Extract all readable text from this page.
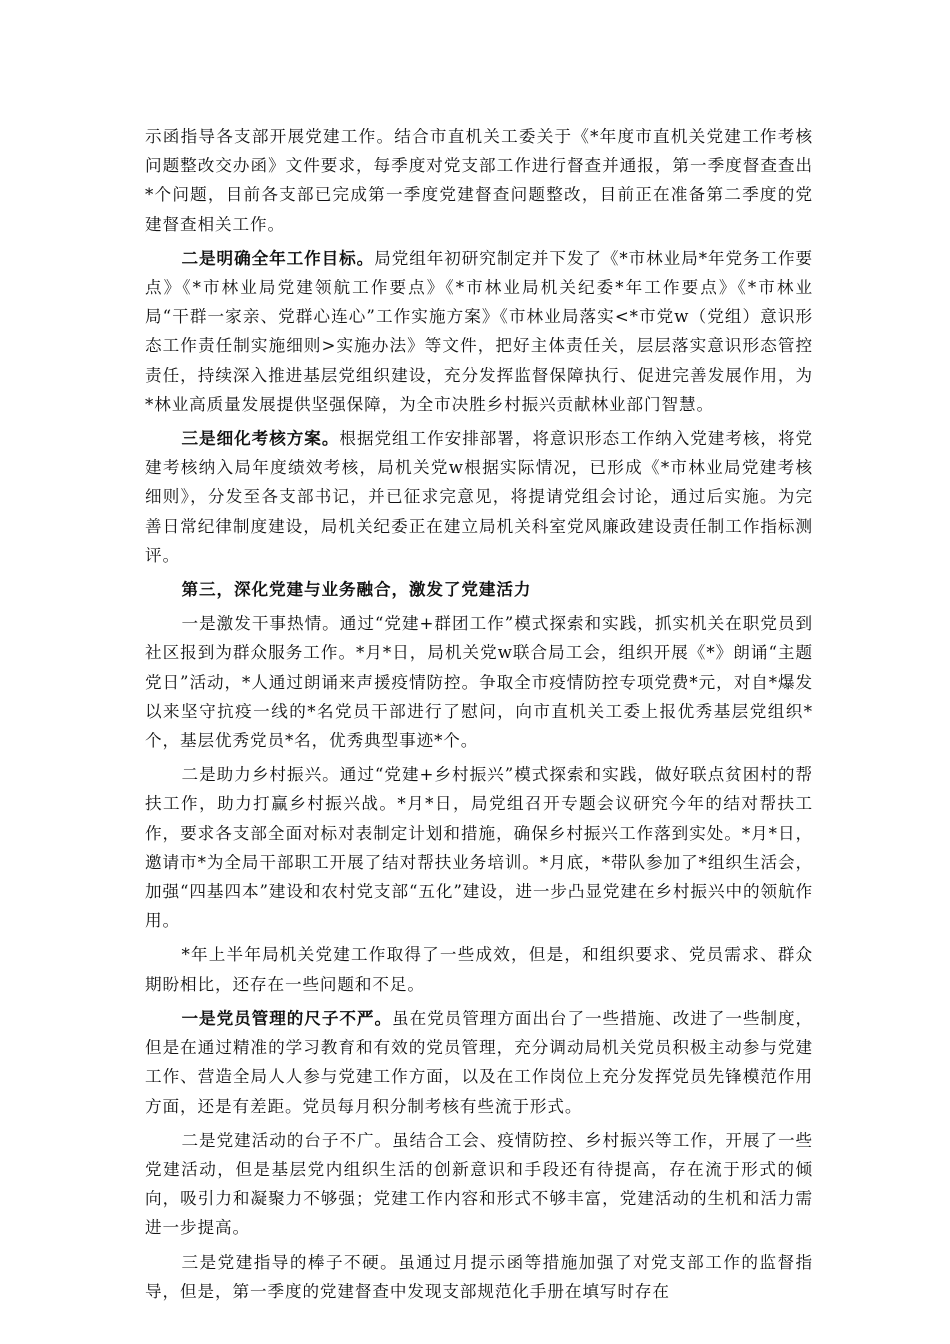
示函指导各支部开展党建工作。结合市直机关工委关于《*年度市直机关党建工作考核问题整改交办函》文件要求，每季度对党支部工作进行督查并通报，第一季度督查查出*个问题，目前各支部已完成第一季度党建督查问题整改，目前正在准备第二季度的党建督查相关工作。

二是明确全年工作目标。局党组年初研究制定并下发了《*市林业局*年党务工作要点》《*市林业局党建领航工作要点》《*市林业局机关纪委*年工作要点》《*市林业局“干群一家亲、党群心连心”工作实施方案》《市林业局落实<*市党w（党组）意识形态工作责任制实施细则>实施办法》等文件，把好主体责任关，层层落实意识形态管控责任，持续深入推进基层党组织建设，充分发挥监督保障执行、促进完善发展作用，为*林业高质量发展提供坚强保障，为全市决胜乡村振兴贡献林业部门智慧。

三是细化考核方案。根据党组工作安排部署，将意识形态工作纳入党建考核，将党建考核纳入局年度绩效考核，局机关党w根据实际情况，已形成《*市林业局党建考核细则》，分发至各支部书记，并已征求完意见，将提请党组会讨论，通过后实施。为完善日常纪律制度建设，局机关纪委正在建立局机关科室党风廉政建设责任制工作指标测评。

第三，深化党建与业务融合，激发了党建活力

一是激发干事热情。通过“党建+群团工作”模式探索和实践，抓实机关在职党员到社区报到为群众服务工作。*月*日，局机关党w联合局工会，组织开展《*》朗诵“主题党日”活动，*人通过朗诵来声援疫情防控。争取全市疫情防控专项党费*元，对自*爆发以来坚守抗疫一线的*名党员干部进行了慰问，向市直机关工委上报优秀基层党组织*个，基层优秀党员*名，优秀典型事迹*个。

二是助力乡村振兴。通过“党建+乡村振兴”模式探索和实践，做好联点贫困村的帮扶工作，助力打赢乡村振兴战。*月*日，局党组召开专题会议研究今年的结对帮扶工作，要求各支部全面对标对表制定计划和措施，确保乡村振兴工作落到实处。*月*日，邀请市*为全局干部职工开展了结对帮扶业务培训。*月底，*带队参加了*组织生活会，加强“四基四本”建设和农村党支部“五化”建设，进一步凸显党建在乡村振兴中的领航作用。

*年上半年局机关党建工作取得了一些成效，但是，和组织要求、党员需求、群众期盼相比，还存在一些问题和不足。

一是党员管理的尺子不严。虽在党员管理方面出台了一些措施、改进了一些制度，但是在通过精准的学习教育和有效的党员管理，充分调动局机关党员积极主动参与党建工作、营造全局人人参与党建工作方面，以及在工作岗位上充分发挥党员先锋模范作用方面，还是有差距。党员每月积分制考核有些流于形式。

二是党建活动的台子不广。虽结合工会、疫情防控、乡村振兴等工作，开展了一些党建活动，但是基层党内组织生活的创新意识和手段还有待提高，存在流于形式的倾向，吸引力和凝聚力不够强；党建工作内容和形式不够丰富，党建活动的生机和活力需进一步提高。

三是党建指导的棒子不硬。虽通过月提示函等措施加强了对党支部工作的监督指导，但是，第一季度的党建督查中发现支部规范化手册在填写时存在
